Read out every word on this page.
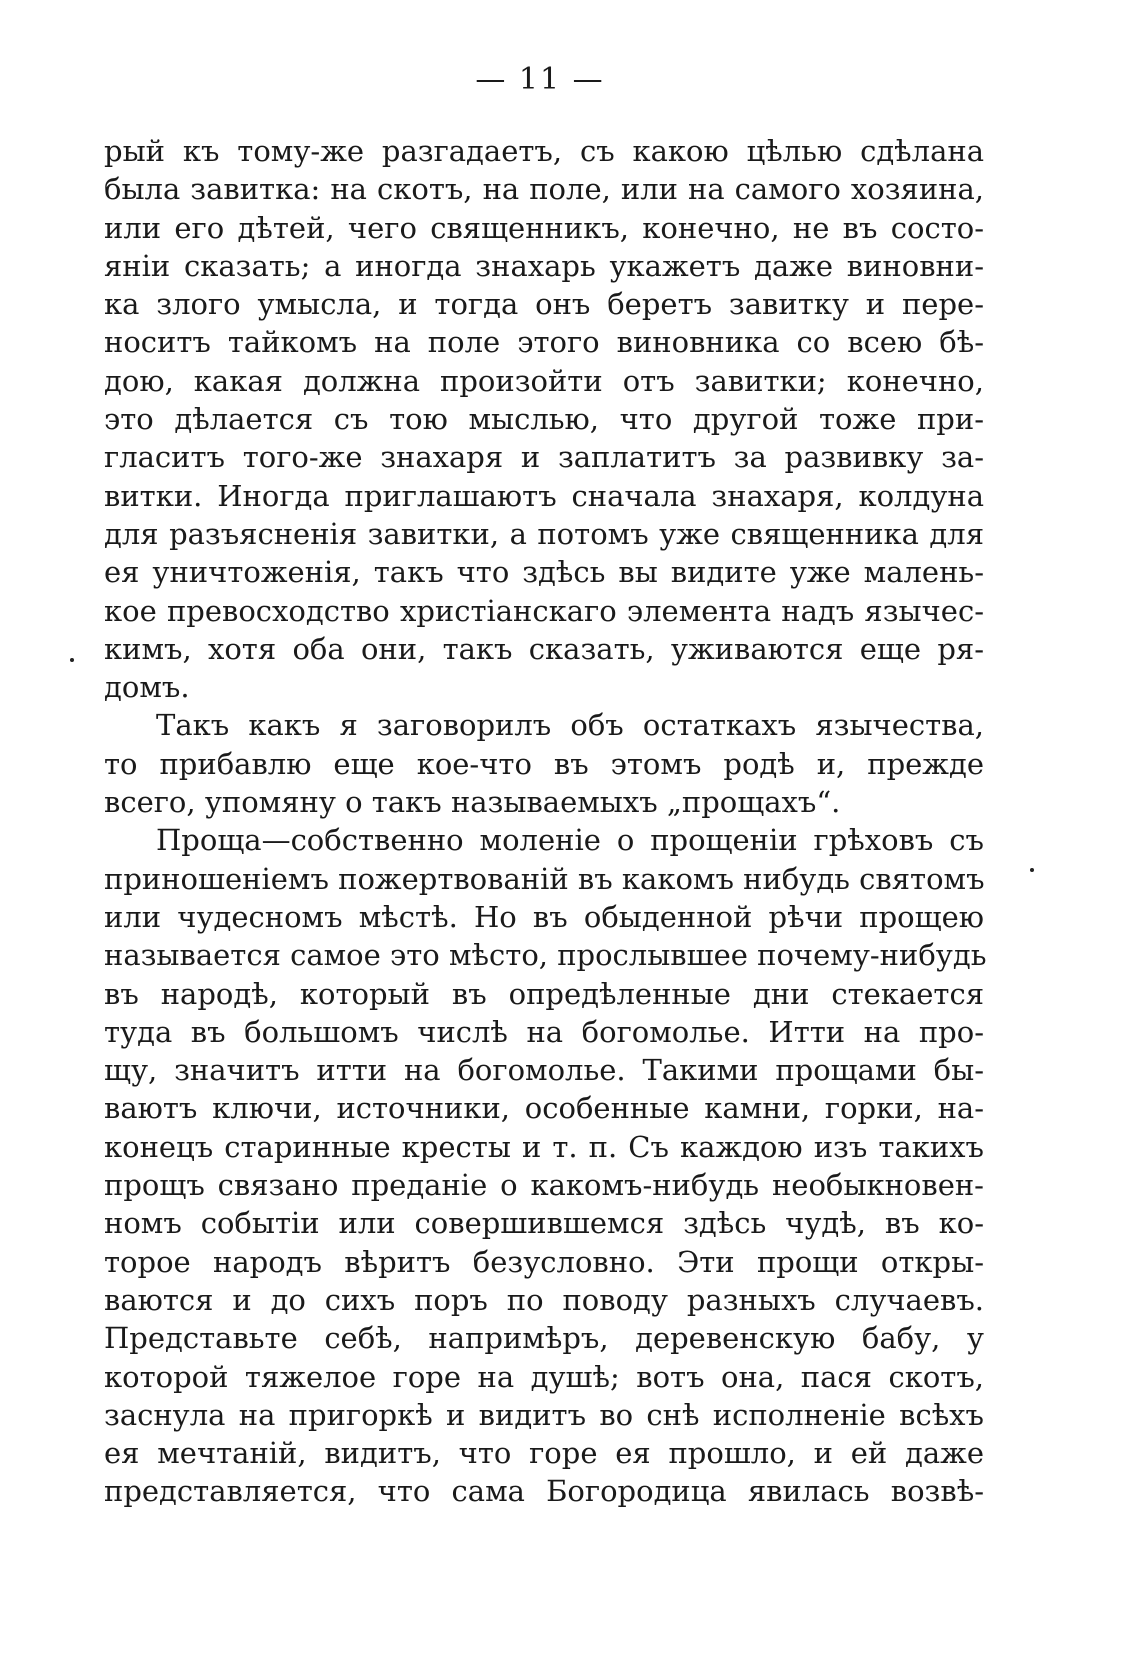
— 11 —
рый къ тому-же разгадаетъ, съ какою цѣлью сдѣлана
была завитка: на скотъ, на поле, или на самого хозяина,
или его дѣтей, чего священникъ, конечно, не въ состо-
янiи сказать; а иногда знахарь укажетъ даже виновни-
ка злого умысла, и тогда онъ беретъ завитку и пере-
носитъ тайкомъ на поле этого виновника со всею бѣ-
дою, какая должна произойти отъ завитки; конечно,
это дѣлается съ тою мыслью, что другой тоже при-
гласитъ того-же знахаря и заплатитъ за развивку за-
витки. Иногда приглашаютъ сначала знахаря, колдуна
для разъясненiя завитки, а потомъ уже священника для
ея уничтоженiя, такъ что здѣсь вы видите уже малень-
кое превосходство христiанскаго элемента надъ язычес-
кимъ, хотя оба они, такъ сказать, уживаются еще ря-
домъ.
Такъ какъ я заговорилъ объ остаткахъ язычества,
то прибавлю еще кое-что въ этомъ родѣ и, прежде
всего, упомяну о такъ называемыхъ „прощахъ“.
Проща—собственно моленiе о прощенiи грѣховъ съ
приношенiемъ пожертвованiй въ какомъ нибудь святомъ
или чудесномъ мѣстѣ. Но въ обыденной рѣчи прощею
называется самое это мѣсто, прослывшее почему-нибудь
въ народѣ, который въ опредѣленные дни стекается
туда въ большомъ числѣ на богомолье. Итти на про-
щу, значитъ итти на богомолье. Такими прощами бы-
ваютъ ключи, источники, особенные камни, горки, на-
конецъ старинные кресты и т. п. Съ каждою изъ такихъ
прощъ связано преданiе о какомъ-нибудь необыкновен-
номъ событiи или совершившемся здѣсь чудѣ, въ ко-
торое народъ вѣритъ безусловно. Эти прощи откры-
ваются и до сихъ поръ по поводу разныхъ случаевъ.
Представьте себѣ, напримѣръ, деревенскую бабу, у
которой тяжелое горе на душѣ; вотъ она, пася скотъ,
заснула на пригоркѣ и видитъ во снѣ исполненiе всѣхъ
ея мечтанiй, видитъ, что горе ея прошло, и ей даже
представляется, что сама Богородица явилась возвѣ-
